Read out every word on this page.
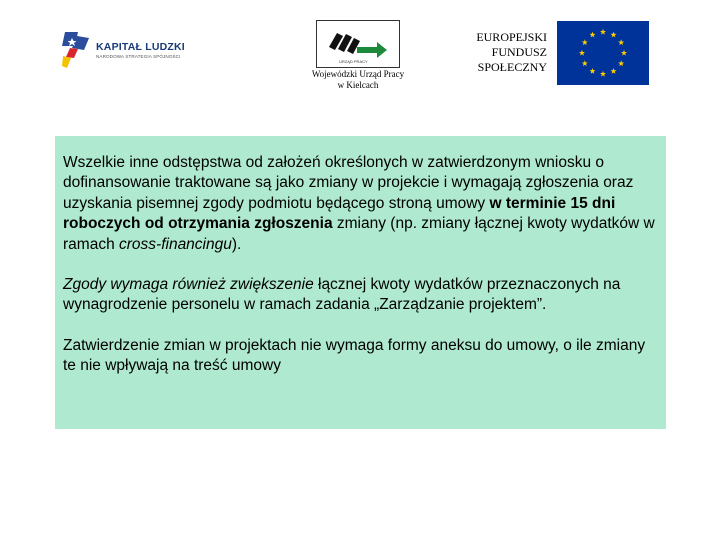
KAPITAŁ LUDZKI
NARODOWA STRATEGIA SPÓJNOŚCI
URZĄD PRACY
Wojewódzki Urząd Pracy
w Kielcach
EUROPEJSKI
FUNDUSZ
SPOŁECZNY

Wszelkie inne odstępstwa od założeń określonych w zatwierdzonym wniosku o dofinansowanie traktowane są jako zmiany w projekcie i wymagają zgłoszenia oraz uzyskania pisemnej zgody podmiotu będącego stroną umowy w terminie 15 dni roboczych od otrzymania zgłoszenia zmiany (np. zmiany łącznej kwoty wydatków w ramach cross-financingu).

Zgody wymaga również zwiększenie łącznej kwoty wydatków przeznaczonych na wynagrodzenie personelu w ramach zadania „Zarządzanie projektem”.

Zatwierdzenie zmian w projektach nie wymaga formy aneksu do umowy, o ile zmiany te nie wpływają na treść umowy
